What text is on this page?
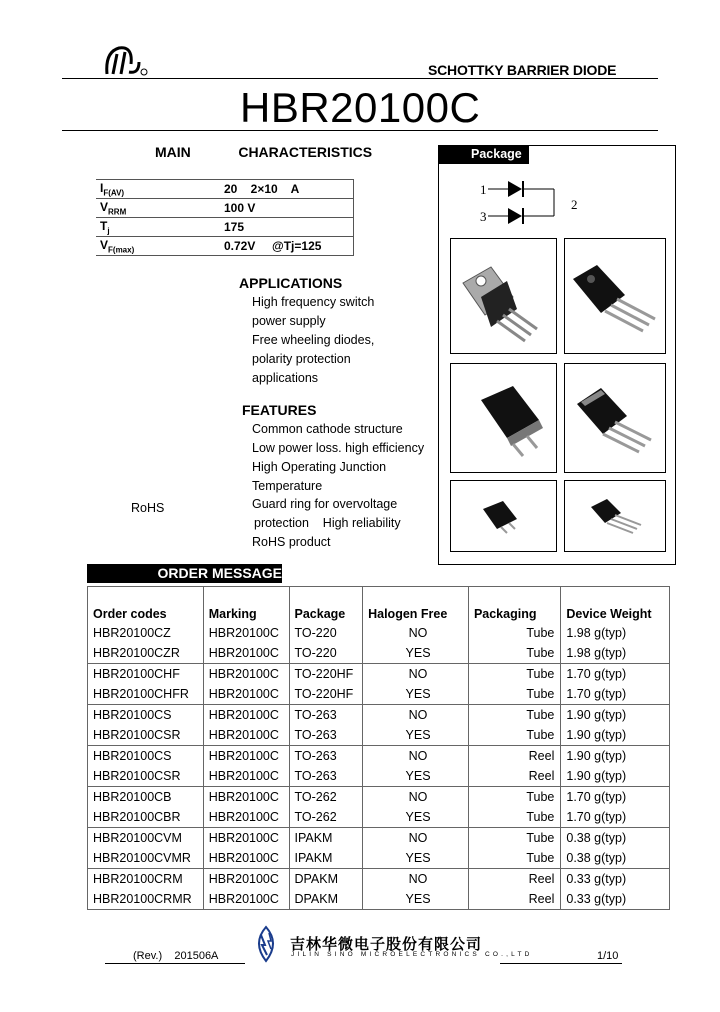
SCHOTTKY BARRIER DIODE
HBR20100C
MAIN    CHARACTERISTICS
$I_{F(AV)}$	20    2×10    A
$V_{RRM}$	100 V
$T_j$	175
$V_{F(max)}$	0.72V     @Tj=125
APPLICATIONS
High frequency switch
power supply
Free wheeling diodes,
polarity protection
applications
FEATURES
Common cathode structure
Low power loss. high efficiency
High Operating Junction
Temperature
Guard ring for overvoltage
protection    High reliability
RoHS product
RoHS
Package
1
3
2
ORDER MESSAGE
Order codes	Marking	Package	Halogen Free	Packaging	Device Weight
HBR20100CZ	HBR20100C	TO-220	NO	Tube	1.98 g(typ)
HBR20100CZR	HBR20100C	TO-220	YES	Tube	1.98 g(typ)
HBR20100CHF	HBR20100C	TO-220HF	NO	Tube	1.70 g(typ)
HBR20100CHFR	HBR20100C	TO-220HF	YES	Tube	1.70 g(typ)
HBR20100CS	HBR20100C	TO-263	NO	Tube	1.90 g(typ)
HBR20100CSR	HBR20100C	TO-263	YES	Tube	1.90 g(typ)
HBR20100CS	HBR20100C	TO-263	NO	Reel	1.90 g(typ)
HBR20100CSR	HBR20100C	TO-263	YES	Reel	1.90 g(typ)
HBR20100CB	HBR20100C	TO-262	NO	Tube	1.70 g(typ)
HBR20100CBR	HBR20100C	TO-262	YES	Tube	1.70 g(typ)
HBR20100CVM	HBR20100C	IPAKM	NO	Tube	0.38 g(typ)
HBR20100CVMR	HBR20100C	IPAKM	YES	Tube	0.38 g(typ)
HBR20100CRM	HBR20100C	DPAKM	NO	Reel	0.33 g(typ)
HBR20100CRMR	HBR20100C	DPAKM	YES	Reel	0.33 g(typ)
(Rev.)    201506A
吉林华微电子股份有限公司
JILIN SINO MICROELECTRONICS CO.,LTD	1/10
